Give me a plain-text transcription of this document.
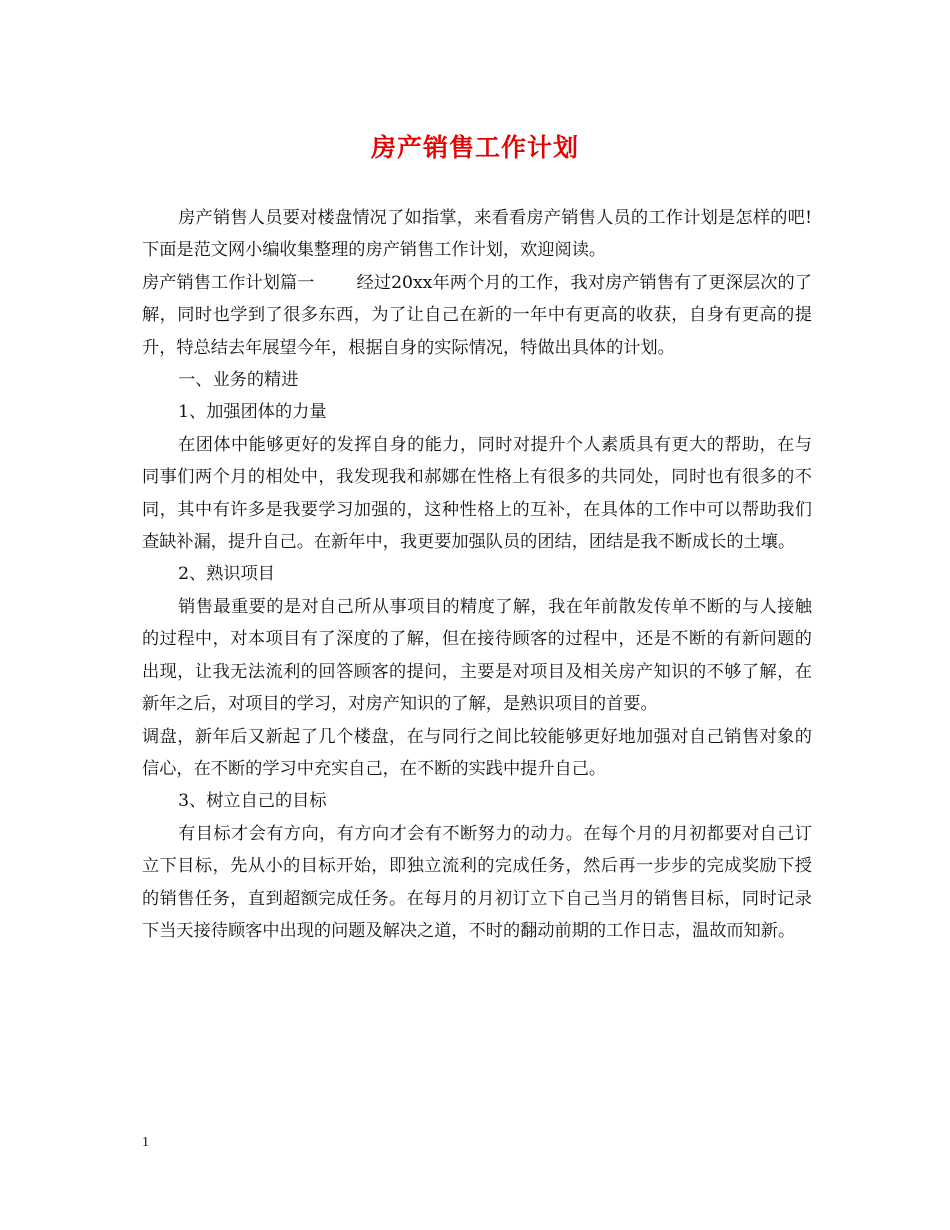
房产销售工作计划

房产销售人员要对楼盘情况了如指掌，来看看房产销售人员的工作计划是怎样的吧!下面是范文网小编收集整理的房产销售工作计划，欢迎阅读。

房产销售工作计划篇一 经过20xx年两个月的工作，我对房产销售有了更深层次的了解，同时也学到了很多东西，为了让自己在新的一年中有更高的收获，自身有更高的提升，特总结去年展望今年，根据自身的实际情况，特做出具体的计划。

一、业务的精进

1、加强团体的力量

在团体中能够更好的发挥自身的能力，同时对提升个人素质具有更大的帮助，在与同事们两个月的相处中，我发现我和郝娜在性格上有很多的共同处，同时也有很多的不同，其中有许多是我要学习加强的，这种性格上的互补，在具体的工作中可以帮助我们查缺补漏，提升自己。在新年中，我更要加强队员的团结，团结是我不断成长的土壤。

2、熟识项目

销售最重要的是对自己所从事项目的精度了解，我在年前散发传单不断的与人接触的过程中，对本项目有了深度的了解，但在接待顾客的过程中，还是不断的有新问题的出现，让我无法流利的回答顾客的提问，主要是对项目及相关房产知识的不够了解，在新年之后，对项目的学习，对房产知识的了解，是熟识项目的首要。

调盘，新年后又新起了几个楼盘，在与同行之间比较能够更好地加强对自己销售对象的信心，在不断的学习中充实自己，在不断的实践中提升自己。

3、树立自己的目标

有目标才会有方向，有方向才会有不断努力的动力。在每个月的月初都要对自己订立下目标，先从小的目标开始，即独立流利的完成任务，然后再一步步的完成奖励下授的销售任务，直到超额完成任务。在每月的月初订立下自己当月的销售目标，同时记录下当天接待顾客中出现的问题及解决之道，不时的翻动前期的工作日志，温故而知新。

1
